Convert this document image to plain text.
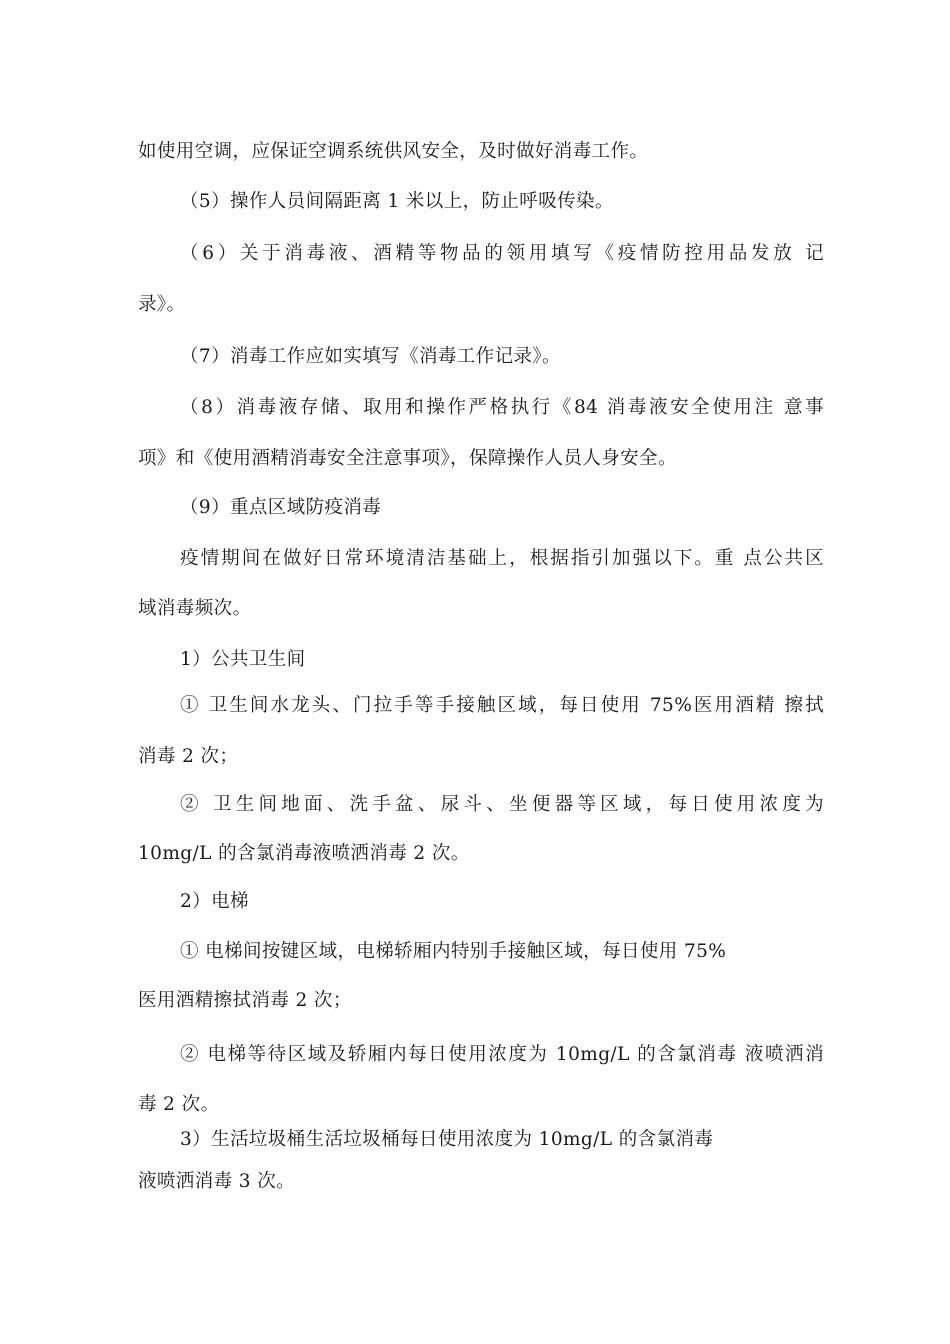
如使用空调，应保证空调系统供风安全，及时做好消毒工作。
（5）操作人员间隔距离 1 米以上，防止呼吸传染。
（6）关于消毒液、酒精等物品的领用填写《疫情防控用品发放 记
录》。
（7）消毒工作应如实填写《消毒工作记录》。
（8）消毒液存储、取用和操作严格执行《84 消毒液安全使用注 意事
项》和《使用酒精消毒安全注意事项》，保障操作人员人身安全。
（9）重点区域防疫消毒
疫情期间在做好日常环境清洁基础上，根据指引加强以下。重 点公共区
域消毒频次。
1）公共卫生间
① 卫生间水龙头、门拉手等手接触区域，每日使用 75%医用酒精 擦拭
消毒 2 次；
② 卫生间地面、洗手盆、尿斗、坐便器等区域，每日使用浓度为
10mg/L 的含氯消毒液喷洒消毒 2 次。
2）电梯
① 电梯间按键区域，电梯轿厢内特别手接触区域，每日使用 75%
医用酒精擦拭消毒 2 次；
② 电梯等待区域及轿厢内每日使用浓度为 10mg/L 的含氯消毒 液喷洒消
毒 2 次。
3）生活垃圾桶生活垃圾桶每日使用浓度为 10mg/L 的含氯消毒
液喷洒消毒 3 次。
